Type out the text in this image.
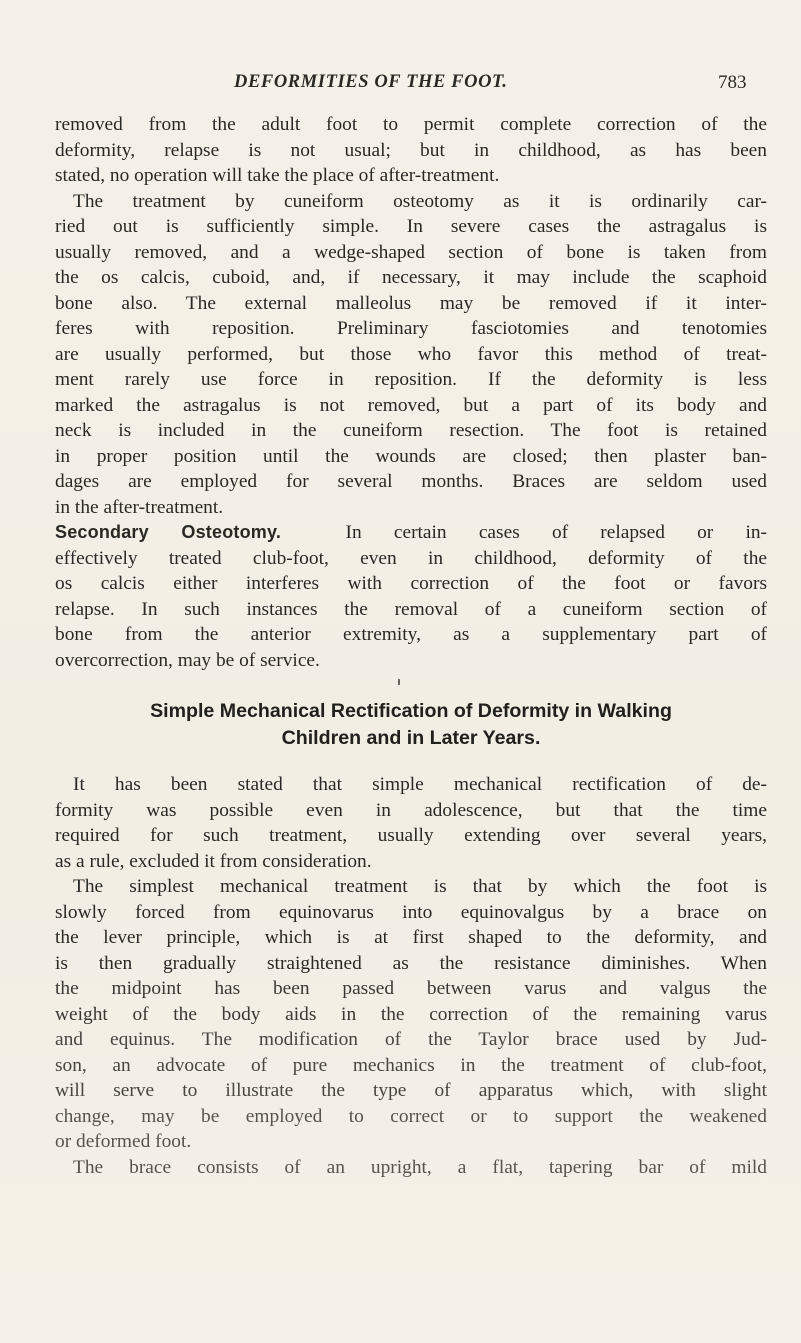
DEFORMITIES OF THE FOOT.	783
removed from the adult foot to permit complete correction of the
deformity, relapse is not usual; but in childhood, as has been
stated, no operation will take the place of after-treatment.
The treatment by cuneiform osteotomy as it is ordinarily car-
ried out is sufficiently simple. In severe cases the astragalus is
usually removed, and a wedge-shaped section of bone is taken from
the os calcis, cuboid, and, if necessary, it may include the scaphoid
bone also. The external malleolus may be removed if it inter-
feres with reposition. Preliminary fasciotomies and tenotomies
are usually performed, but those who favor this method of treat-
ment rarely use force in reposition. If the deformity is less
marked the astragalus is not removed, but a part of its body and
neck is included in the cuneiform resection. The foot is retained
in proper position until the wounds are closed; then plaster ban-
dages are employed for several months. Braces are seldom used
in the after-treatment.
Secondary Osteotomy.	In certain cases of relapsed or in-
effectively treated club-foot, even in childhood, deformity of the
os calcis either interferes with correction of the foot or favors
relapse. In such instances the removal of a cuneiform section of
bone from the anterior extremity, as a supplementary part of
overcorrection, may be of service.
Simple Mechanical Rectification of Deformity in Walking
Children and in Later Years.
It has been stated that simple mechanical rectification of de-
formity was possible even in adolescence, but that the time
required for such treatment, usually extending over several years,
as a rule, excluded it from consideration.
The simplest mechanical treatment is that by which the foot is
slowly forced from equinovarus into equinovalgus by a brace on
the lever principle, which is at first shaped to the deformity, and
is then gradually straightened as the resistance diminishes. When
the midpoint has been passed between varus and valgus the
weight of the body aids in the correction of the remaining varus
and equinus. The modification of the Taylor brace used by Jud-
son, an advocate of pure mechanics in the treatment of club-foot,
will serve to illustrate the type of apparatus which, with slight
change, may be employed to correct or to support the weakened
or deformed foot.
The brace consists of an upright, a flat, tapering bar of mild
